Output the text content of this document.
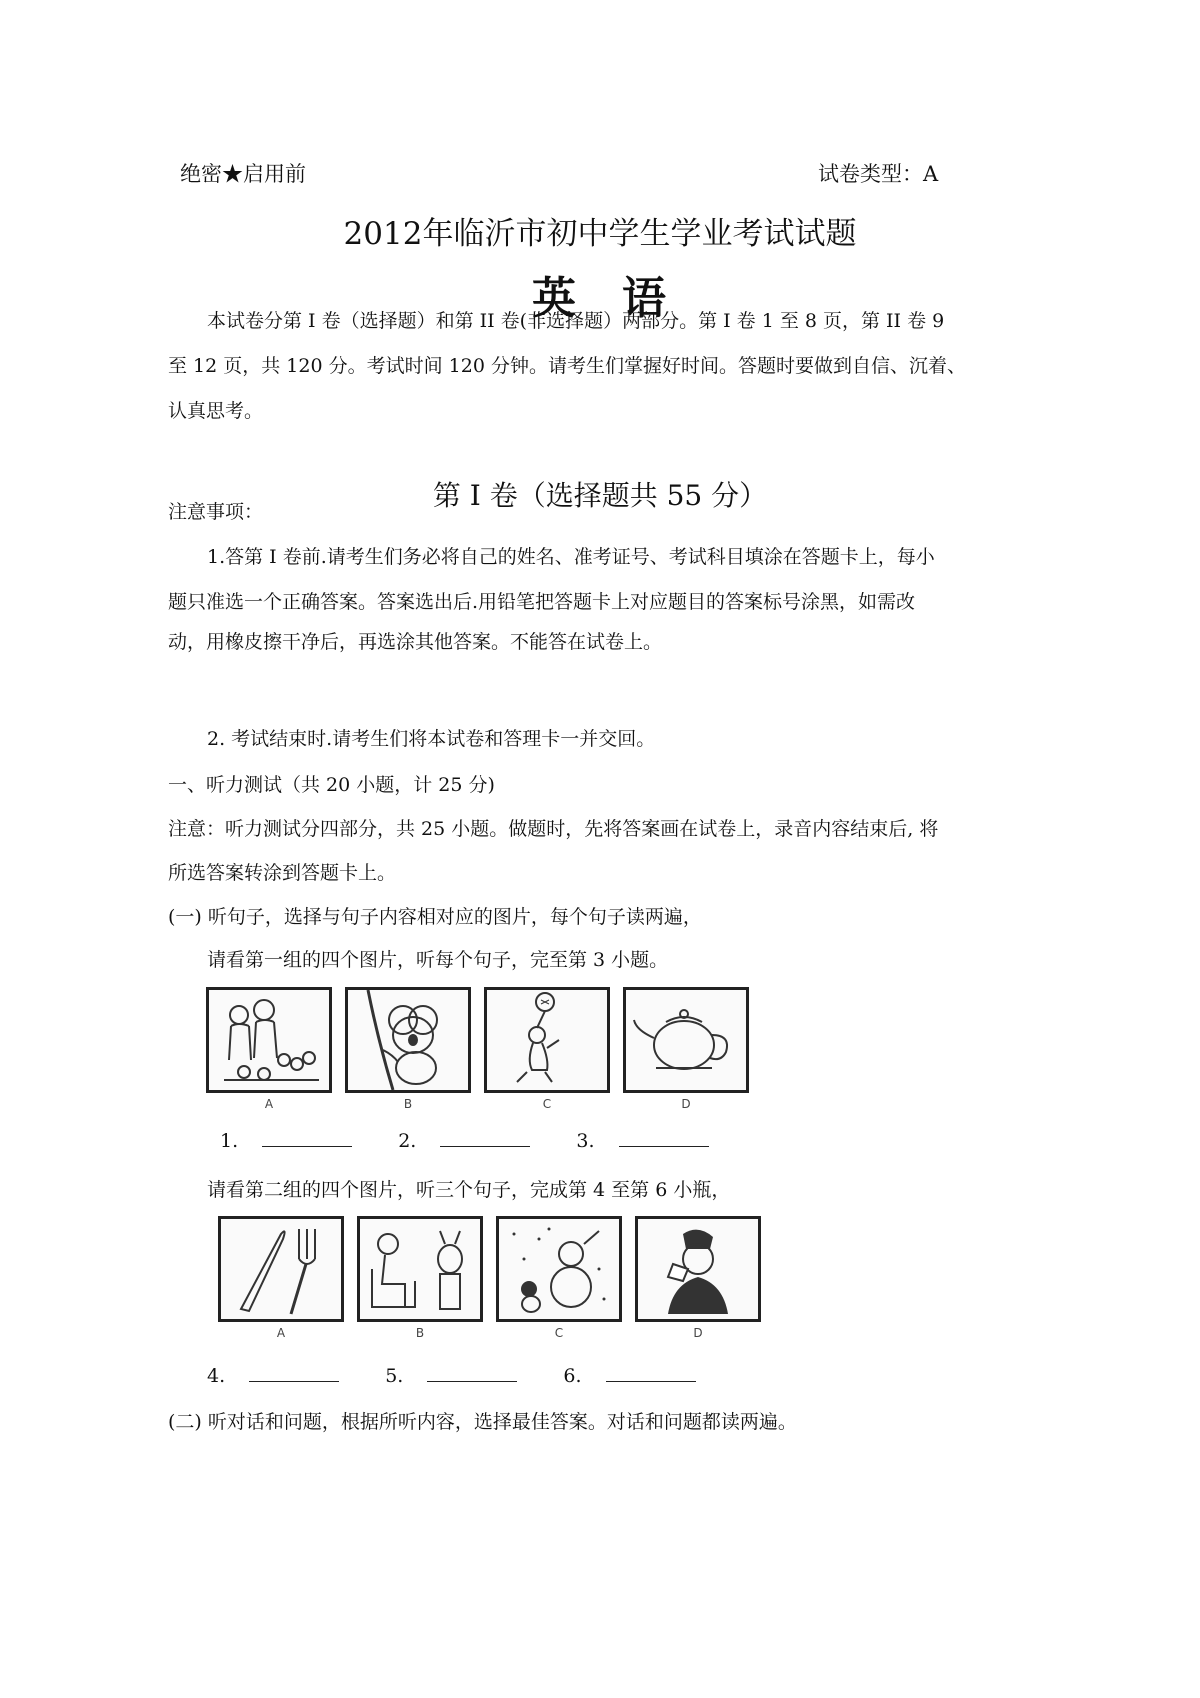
绝密★启用前	试卷类型：A
2012年临沂市初中学生学业考试试题
英语
本试卷分第 I 卷（选择题）和第 II 卷(非选择题）两部分。第 I 卷 1 至 8 页，第 II 卷 9
至 12 页，共 120 分。考试时间 120 分钟。请考生们掌握好时间。答题时要做到自信、沉着、
认真思考。
第 I 卷（选择题共 55 分）
注意事项：
1.答第 I 卷前.请考生们务必将自己的姓名、准考证号、考试科目填涂在答题卡上，每小
题只准选一个正确答案。答案选出后.用铅笔把答题卡上对应题目的答案标号涂黑，如需改
动，用橡皮擦干净后，再选涂其他答案。不能答在试卷上。
2. 考试结束时.请考生们将本试卷和答理卡一并交回。
一、听力测试（共 20 小题，计 25 分)
注意：听力测试分四部分，共 25 小题。做题时，先将答案画在试卷上，录音内容结束后, 将
所选答案转涂到答题卡上。
(一) 听句子，选择与句子内容相对应的图片，每个句子读两遍，
请看第一组的四个图片，听每个句子，完至第 3 小题。
A	B	C	D
1.	2.	3.
请看第二组的四个图片，听三个句子，完成第 4 至第 6 小瓶，
A	B	C	D
4.	5.	6.
(二) 听对话和问题，根据所听内容，选择最佳答案。对话和问题都读两遍。
